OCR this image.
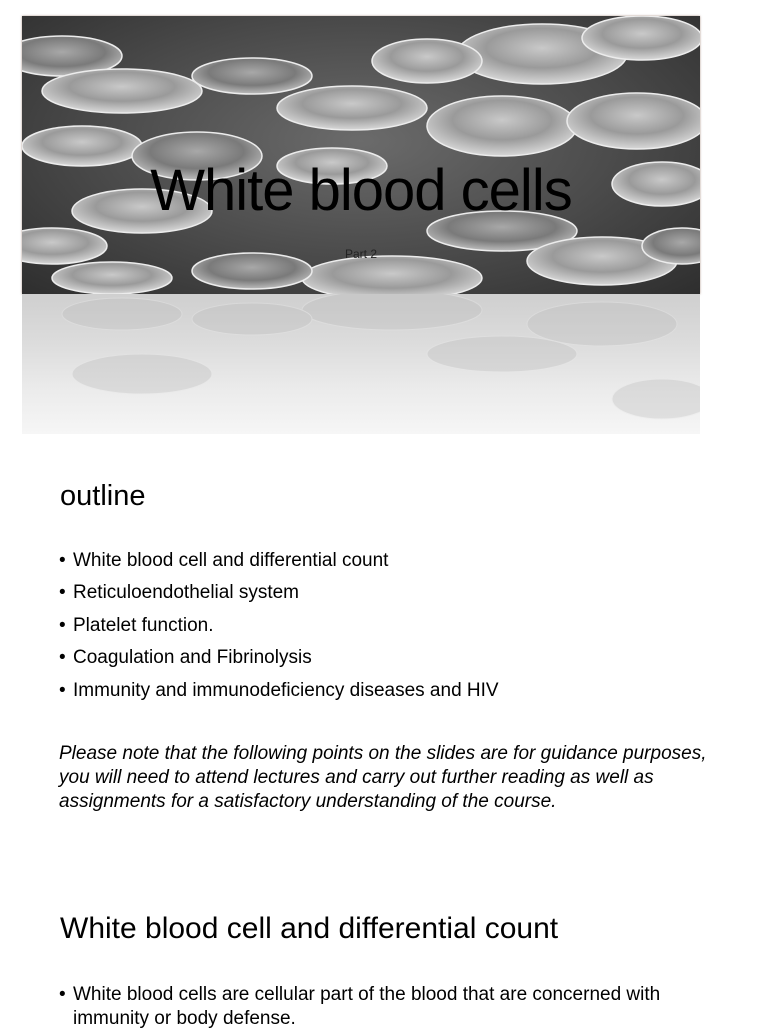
White blood cells
Part 2
outline
• White blood cell and differential count
• Reticuloendothelial system
• Platelet function.
• Coagulation and Fibrinolysis
• Immunity and immunodeficiency diseases and HIV
Please note that the following points on the slides are for guidance purposes, you will need to attend lectures and carry out further reading as well as assignments for a satisfactory understanding of the course.
White blood cell and differential count
• White blood cells are cellular part of the blood that are concerned with immunity or body defense.
